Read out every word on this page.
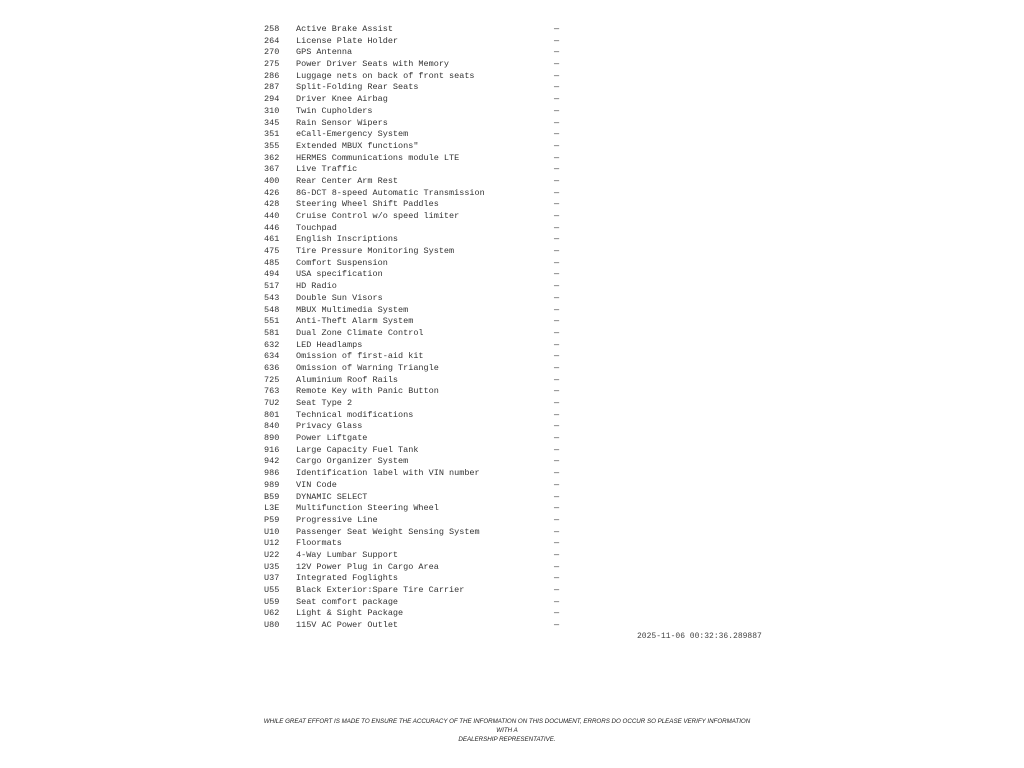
258 Active Brake Assist	—
264 License Plate Holder	—
270 GPS Antenna	—
275 Power Driver Seats with Memory	—
286 Luggage nets on back of front seats	—
287 Split-Folding Rear Seats	—
294 Driver Knee Airbag	—
310 Twin Cupholders	—
345 Rain Sensor Wipers	—
351 eCall-Emergency System	—
355 Extended MBUX functions"	—
362 HERMES Communications module LTE	—
367 Live Traffic	—
400 Rear Center Arm Rest	—
426 8G-DCT 8-speed Automatic Transmission	—
428 Steering Wheel Shift Paddles	—
440 Cruise Control w/o speed limiter	—
446 Touchpad	—
461 English Inscriptions	—
475 Tire Pressure Monitoring System	—
485 Comfort Suspension	—
494 USA specification	—
517 HD Radio	—
543 Double Sun Visors	—
548 MBUX Multimedia System	—
551 Anti-Theft Alarm System	—
581 Dual Zone Climate Control	—
632 LED Headlamps	—
634 Omission of first-aid kit	—
636 Omission of Warning Triangle	—
725 Aluminium Roof Rails	—
763 Remote Key with Panic Button	—
7U2 Seat Type 2	—
801 Technical modifications	—
840 Privacy Glass	—
890 Power Liftgate	—
916 Large Capacity Fuel Tank	—
942 Cargo Organizer System	—
986 Identification label with VIN number	—
989 VIN Code	—
B59 DYNAMIC SELECT	—
L3E Multifunction Steering Wheel	—
P59 Progressive Line	—
U10 Passenger Seat Weight Sensing System	—
U12 Floormats	—
U22 4-Way Lumbar Support	—
U35 12V Power Plug in Cargo Area	—
U37 Integrated Foglights	—
U55 Black Exterior:Spare Tire Carrier	—
U59 Seat comfort package	—
U62 Light & Sight Package	—
U80 115V AC Power Outlet	—
2025-11-06 00:32:36.289887
WHILE GREAT EFFORT IS MADE TO ENSURE THE ACCURACY OF THE INFORMATION ON THIS DOCUMENT, ERRORS DO OCCUR SO PLEASE VERIFY INFORMATION WITH A
DEALERSHIP REPRESENTATIVE.
